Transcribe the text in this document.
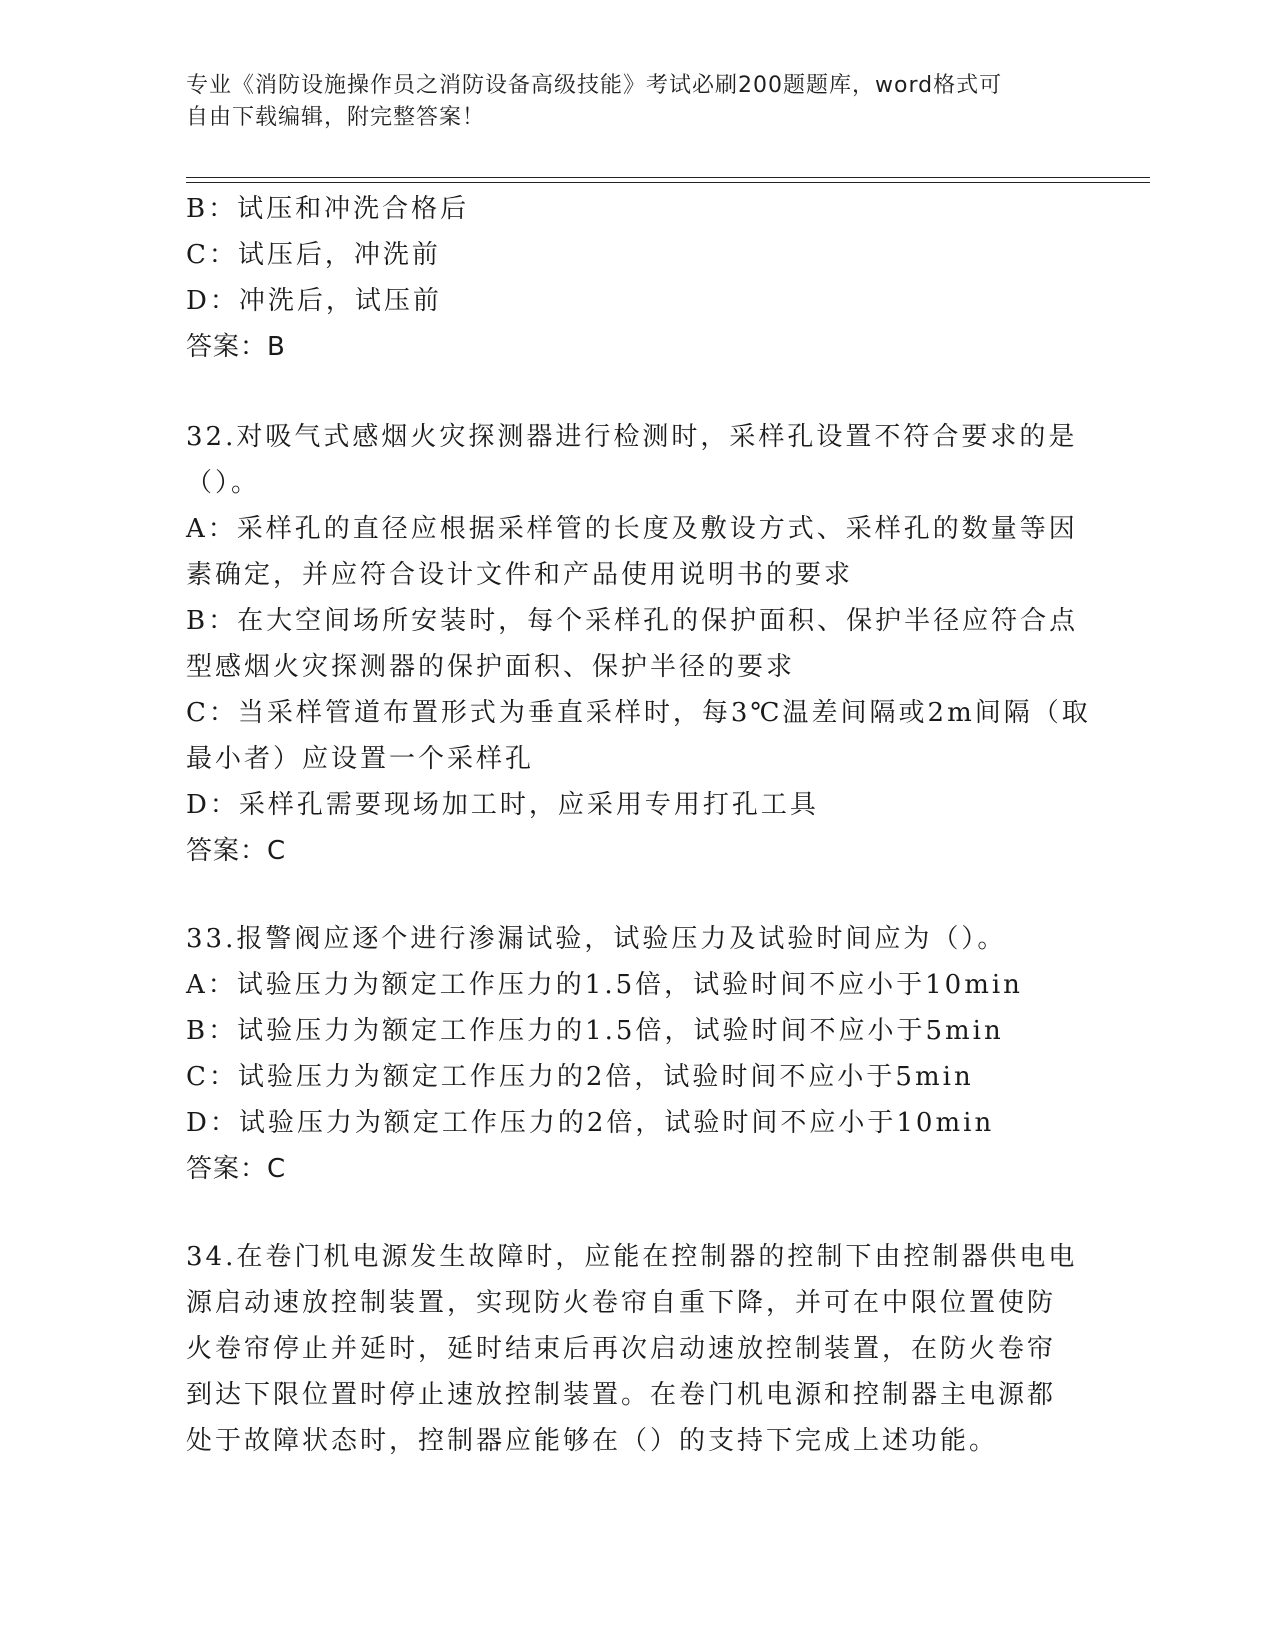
专业《消防设施操作员之消防设备高级技能》考试必刷200题题库，word格式可
自由下载编辑，附完整答案！
B：试压和冲洗合格后
C：试压后，冲洗前
D：冲洗后，试压前
答案：B
32.对吸气式感烟火灾探测器进行检测时，采样孔设置不符合要求的是
（）。
A：采样孔的直径应根据采样管的长度及敷设方式、采样孔的数量等因
素确定，并应符合设计文件和产品使用说明书的要求
B：在大空间场所安装时，每个采样孔的保护面积、保护半径应符合点
型感烟火灾探测器的保护面积、保护半径的要求
C：当采样管道布置形式为垂直采样时，每3℃温差间隔或2m间隔（取
最小者）应设置一个采样孔
D：采样孔需要现场加工时，应采用专用打孔工具
答案：C
33.报警阀应逐个进行渗漏试验，试验压力及试验时间应为（）。
A：试验压力为额定工作压力的1.5倍，试验时间不应小于10min
B：试验压力为额定工作压力的1.5倍，试验时间不应小于5min
C：试验压力为额定工作压力的2倍，试验时间不应小于5min
D：试验压力为额定工作压力的2倍，试验时间不应小于10min
答案：C
34.在卷门机电源发生故障时，应能在控制器的控制下由控制器供电电
源启动速放控制装置，实现防火卷帘自重下降，并可在中限位置使防
火卷帘停止并延时，延时结束后再次启动速放控制装置，在防火卷帘
到达下限位置时停止速放控制装置。在卷门机电源和控制器主电源都
处于故障状态时，控制器应能够在（）的支持下完成上述功能。
